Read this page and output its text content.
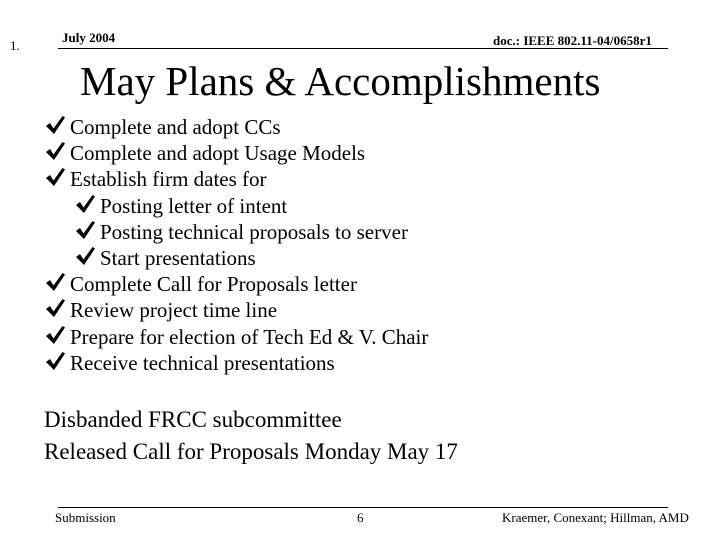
1.
July 2004	doc.: IEEE 802.11-04/0658r1
May Plans & Accomplishments
Complete and adopt CCs
Complete and adopt Usage Models
Establish firm dates for
Posting letter of intent
Posting technical proposals to server
Start presentations
Complete Call for Proposals letter
Review project time line
Prepare for election of Tech Ed & V. Chair
Receive technical presentations
Disbanded FRCC subcommittee
Released Call for Proposals Monday May 17
Submission	6	Kraemer, Conexant; Hillman, AMD
